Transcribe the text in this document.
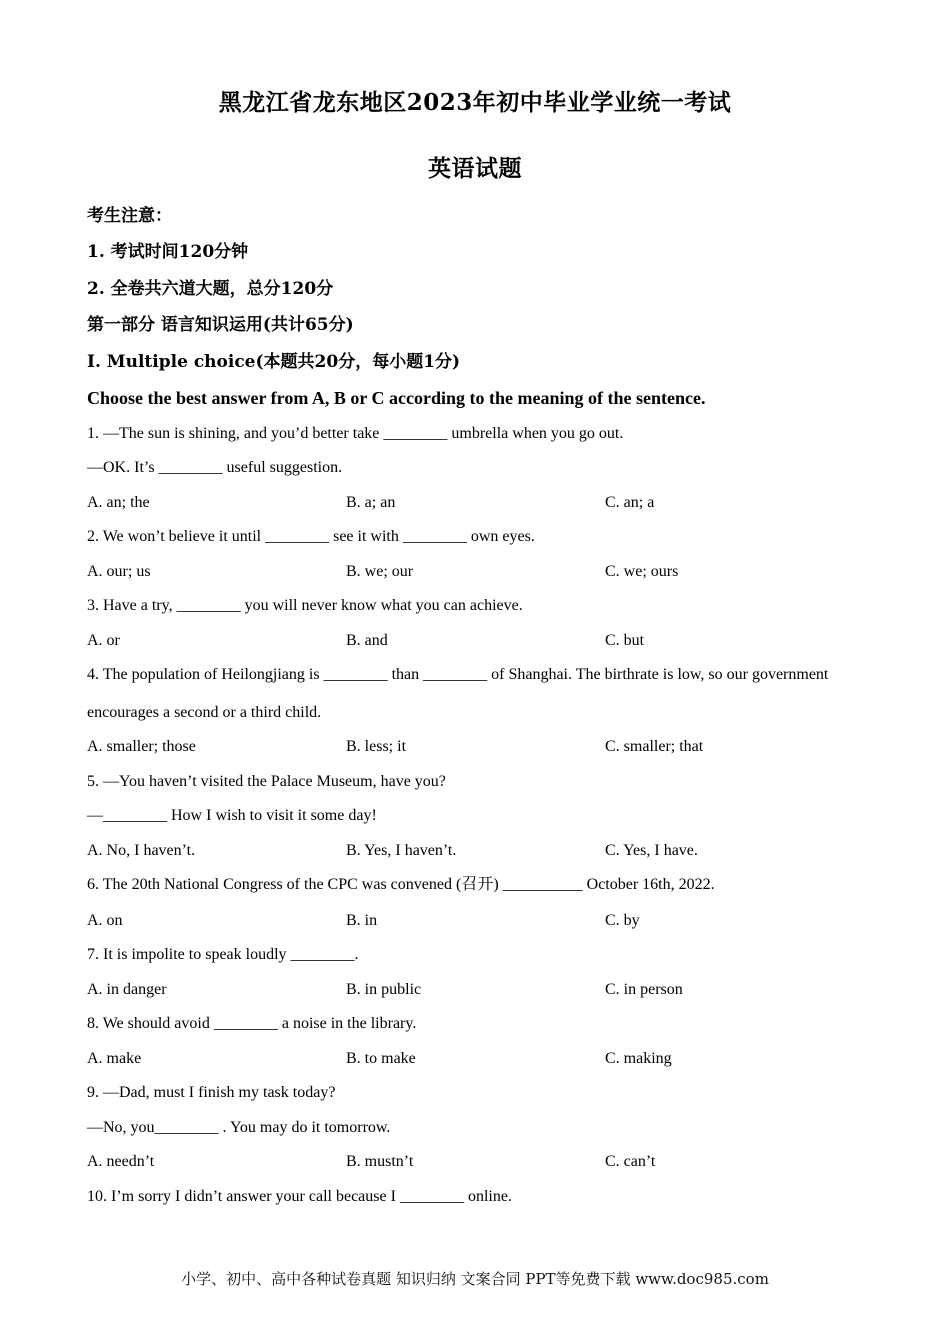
黑龙江省龙东地区2023年初中毕业学业统一考试
英语试题
考生注意：
1. 考试时间120分钟
2. 全卷共六道大题，总分120分
第一部分 语言知识运用(共计65分)
Ⅰ. Multiple choice(本题共20分，每小题1分)
Choose the best answer from A, B or C according to the meaning of the sentence.
1. —The sun is shining, and you’d better take ________ umbrella when you go out.
—OK. It’s ________ useful suggestion.
A. an; the	B. a; an	C. an; a
2. We won’t believe it until ________ see it with ________ own eyes.
A. our; us	B. we; our	C. we; ours
3. Have a try, ________ you will never know what you can achieve.
A. or	B. and	C. but
4. The population of Heilongjiang is ________ than ________ of Shanghai. The birthrate is low, so our government
encourages a second or a third child.
A. smaller; those	B. less; it	C. smaller; that
5. —You haven’t visited the Palace Museum, have you?
—________ How I wish to visit it some day!
A. No, I haven’t.	B. Yes, I haven’t.	C. Yes, I have.
6. The 20th National Congress of the CPC was convened (召开) __________ October 16th, 2022.
A. on	B. in	C. by
7. It is impolite to speak loudly ________.
A. in danger	B. in public	C. in person
8. We should avoid ________ a noise in the library.
A. make	B. to make	C. making
9. —Dad, must I finish my task today?
—No, you________ . You may do it tomorrow.
A. needn’t	B. mustn’t	C. can’t
10. I’m sorry I didn’t answer your call because I ________ online.
小学、初中、高中各种试卷真题 知识归纳 文案合同 PPT等免费下载 www.doc985.com
